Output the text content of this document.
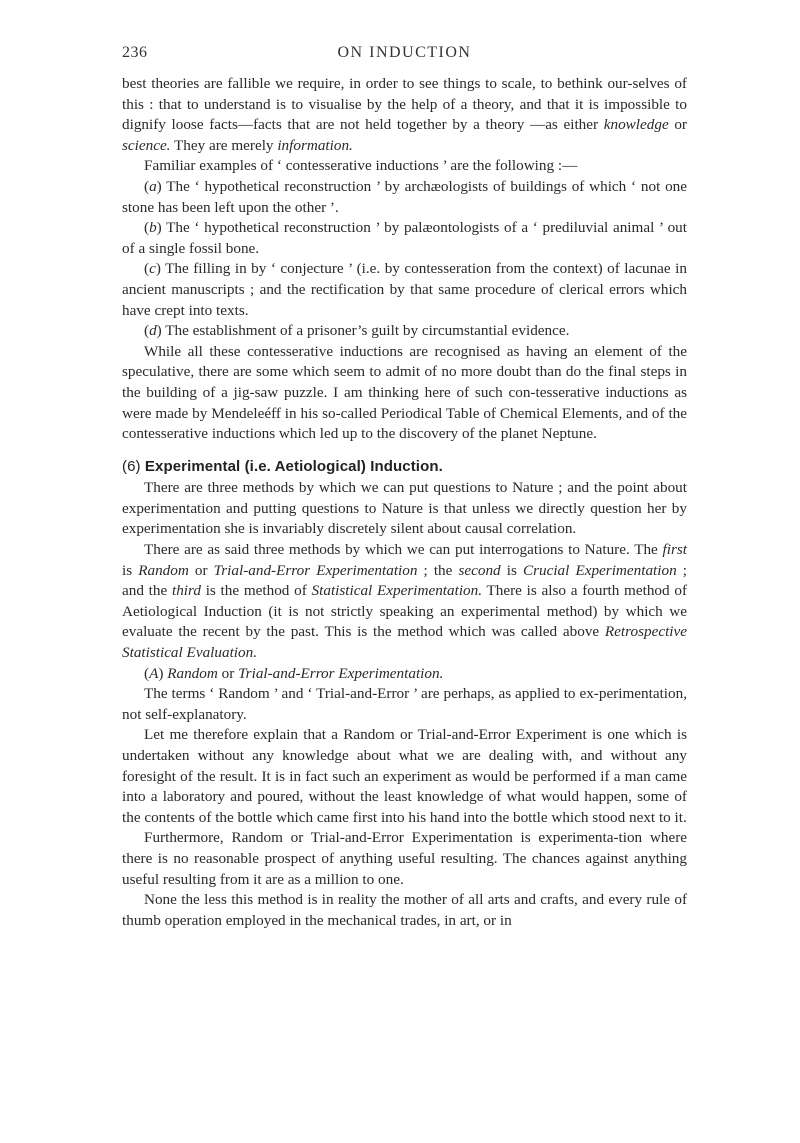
236	ON INDUCTION

best theories are fallible we require, in order to see things to scale, to bethink our-selves of this : that to understand is to visualise by the help of a theory, and that it is impossible to dignify loose facts—facts that are not held together by a theory —as either knowledge or science. They are merely information.

Familiar examples of ‘ contesserative inductions ’ are the following :—

(a) The ‘ hypothetical reconstruction ’ by archæologists of buildings of which ‘ not one stone has been left upon the other ’.

(b) The ‘ hypothetical reconstruction ’ by palæontologists of a ‘ prediluvial animal ’ out of a single fossil bone.

(c) The filling in by ‘ conjecture ’ (i.e. by contesseration from the context) of lacunae in ancient manuscripts ; and the rectification by that same procedure of clerical errors which have crept into texts.

(d) The establishment of a prisoner’s guilt by circumstantial evidence.

While all these contesserative inductions are recognised as having an element of the speculative, there are some which seem to admit of no more doubt than do the final steps in the building of a jig-saw puzzle. I am thinking here of such con-tesserative inductions as were made by Mendeleéff in his so-called Periodical Table of Chemical Elements, and of the contesserative inductions which led up to the discovery of the planet Neptune.

(6) Experimental (i.e. Aetiological) Induction.

There are three methods by which we can put questions to Nature ; and the point about experimentation and putting questions to Nature is that unless we directly question her by experimentation she is invariably discretely silent about causal correlation.

There are as said three methods by which we can put interrogations to Nature. The first is Random or Trial-and-Error Experimentation ; the second is Crucial Experimentation ; and the third is the method of Statistical Experimentation. There is also a fourth method of Aetiological Induction (it is not strictly speaking an experimental method) by which we evaluate the recent by the past. This is the method which was called above Retrospective Statistical Evaluation.

(A) Random or Trial-and-Error Experimentation.

The terms ‘ Random ’ and ‘ Trial-and-Error ’ are perhaps, as applied to ex-perimentation, not self-explanatory.

Let me therefore explain that a Random or Trial-and-Error Experiment is one which is undertaken without any knowledge about what we are dealing with, and without any foresight of the result. It is in fact such an experiment as would be performed if a man came into a laboratory and poured, without the least knowledge of what would happen, some of the contents of the bottle which came first into his hand into the bottle which stood next to it.

Furthermore, Random or Trial-and-Error Experimentation is experimenta-tion where there is no reasonable prospect of anything useful resulting. The chances against anything useful resulting from it are as a million to one.

None the less this method is in reality the mother of all arts and crafts, and every rule of thumb operation employed in the mechanical trades, in art, or in
